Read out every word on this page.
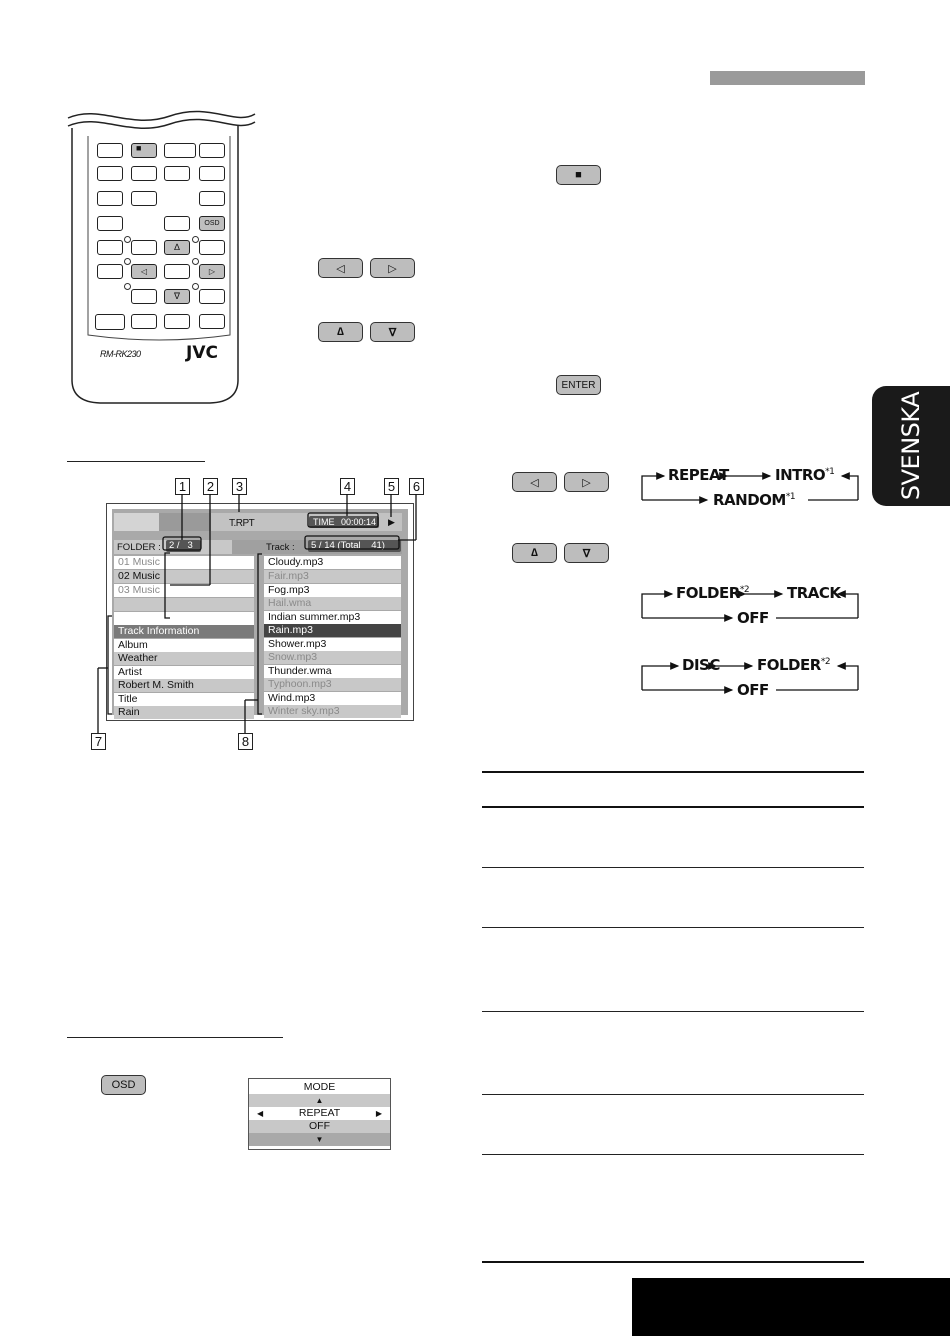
■
OSD
∆
◁	▷
∇
RM-RK230	JVC
■
◁	▷
∆	∇
ENTER
1 2 3	4	5 6
7	8
T.RPT	TIME 00:00:14	▶
FOLDER : 2 /   3	Track :	5 / 14 (Total    41)
01 Music
02 Music
03 Music
Track Information
Album
Weather
Artist
Robert M. Smith
Title
Rain
Cloudy.mp3
Fair.mp3
Fog.mp3
Hail.wma
Indian summer.mp3
Rain.mp3
Shower.mp3
Snow.mp3
Thunder.wma
Typhoon.mp3
Wind.mp3
Winter sky.mp3
◁	▷
∆	∇
REPEAT	INTRO$^{*1}$
RANDOM$^{*1}$
FOLDER$^{*2}$	TRACK
OFF
DISC FOLDER$^{*2}$
OFF
OSD	MODE
▲
◀	REPEAT	▶
OFF
▼
SVENSKA
